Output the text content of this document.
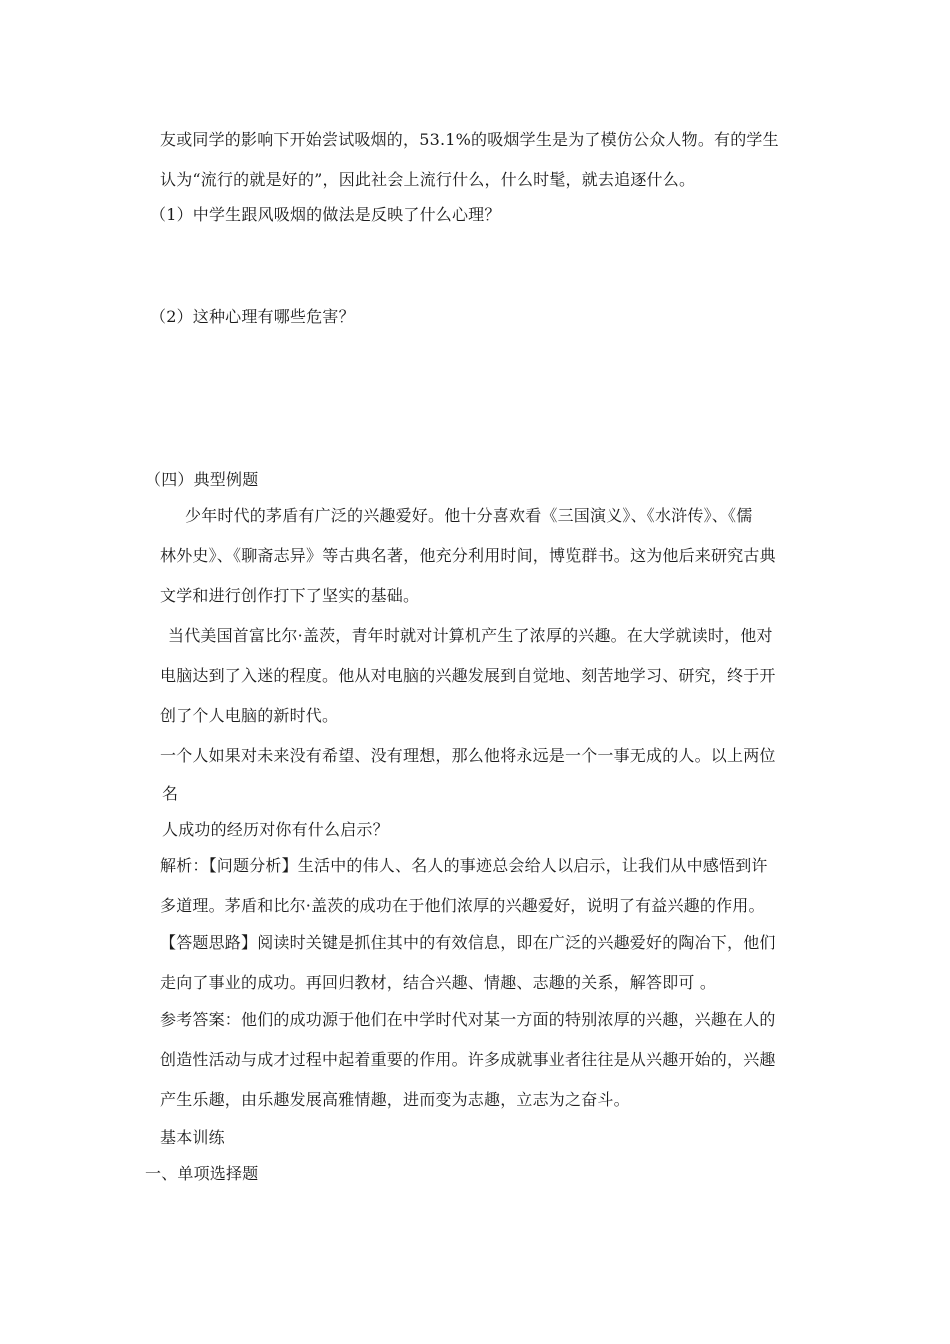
友或同学的影响下开始尝试吸烟的，53.1%的吸烟学生是为了模仿公众人物。有的学生
认为“流行的就是好的”，因此社会上流行什么，什么时髦，就去追逐什么。
（1）中学生跟风吸烟的做法是反映了什么心理？
（2）这种心理有哪些危害？
（四）典型例题
少年时代的茅盾有广泛的兴趣爱好。他十分喜欢看《三国演义》、《水浒传》、《儒
林外史》、《聊斋志异》等古典名著，他充分利用时间，博览群书。这为他后来研究古典
文学和进行创作打下了坚实的基础。
当代美国首富比尔·盖茨，青年时就对计算机产生了浓厚的兴趣。在大学就读时，他对
电脑达到了入迷的程度。他从对电脑的兴趣发展到自觉地、刻苦地学习、研究，终于开
创了个人电脑的新时代。
一个人如果对未来没有希望、没有理想，那么他将永远是一个一事无成的人。以上两位
名
人成功的经历对你有什么启示？
解析：【问题分析】生活中的伟人、名人的事迹总会给人以启示，让我们从中感悟到许
多道理。茅盾和比尔·盖茨的成功在于他们浓厚的兴趣爱好，说明了有益兴趣的作用。
【答题思路】阅读时关键是抓住其中的有效信息，即在广泛的兴趣爱好的陶冶下，他们
走向了事业的成功。再回归教材，结合兴趣、情趣、志趣的关系，解答即可 。
参考答案：他们的成功源于他们在中学时代对某一方面的特别浓厚的兴趣，兴趣在人的
创造性活动与成才过程中起着重要的作用。许多成就事业者往往是从兴趣开始的，兴趣
产生乐趣，由乐趣发展高雅情趣，进而变为志趣，立志为之奋斗。
基本训练
一、单项选择题
